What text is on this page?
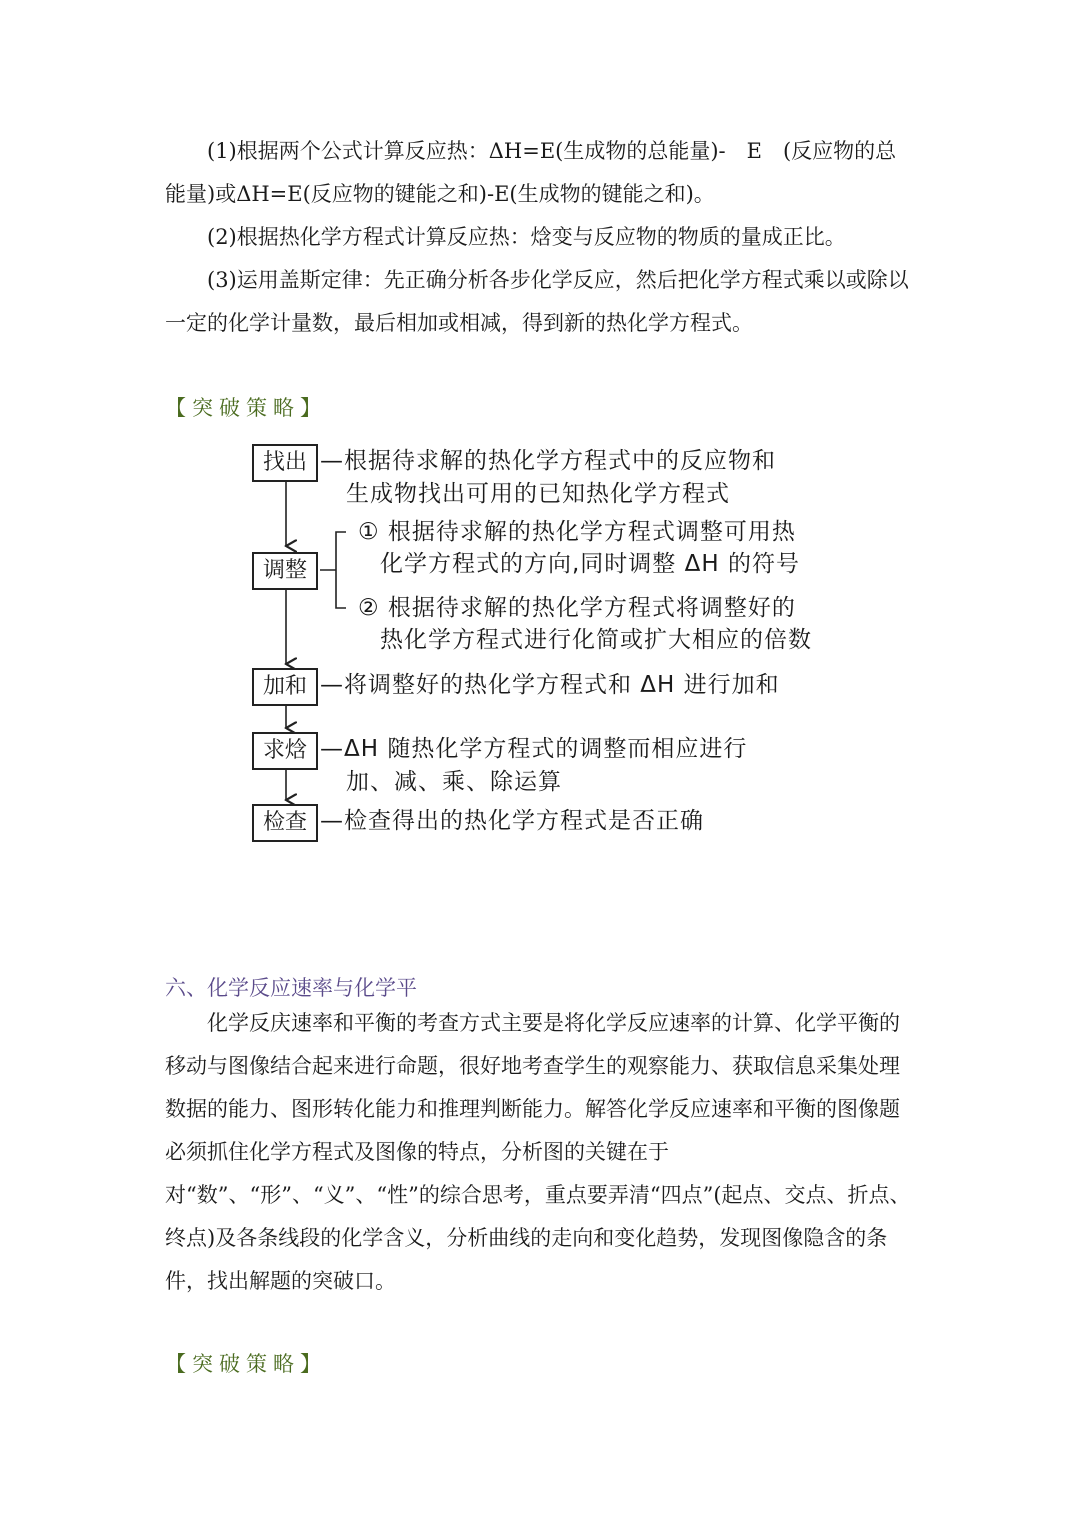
(1)根据两个公式计算反应热：ΔH=E(生成物的总能量)-　E　(反应物的总能量)或ΔH=E(反应物的键能之和)-E(生成物的键能之和)。

(2)根据热化学方程式计算反应热：焓变与反应物的物质的量成正比。

(3)运用盖斯定律：先正确分析各步化学反应，然后把化学方程式乘以或除以一定的化学计量数，最后相加或相减，得到新的热化学方程式。

【突破策略】
找出 —根据待求解的热化学方程式中的反应物和
生成物找出可用的已知热化学方程式
调整
① 根据待求解的热化学方程式调整可用热
化学方程式的方向,同时调整 ΔH 的符号
② 根据待求解的热化学方程式将调整好的
热化学方程式进行化简或扩大相应的倍数
加和 —将调整好的热化学方程式和 ΔH 进行加和
求焓 —ΔH 随热化学方程式的调整而相应进行
加、减、乘、除运算
检查 —检查得出的热化学方程式是否正确
六、化学反应速率与化学平

化学反庆速率和平衡的考查方式主要是将化学反应速率的计算、化学平衡的移动与图像结合起来进行命题，很好地考查学生的观察能力、获取信息采集处理数据的能力、图形转化能力和推理判断能力。解答化学反应速率和平衡的图像题必须抓住化学方程式及图像的特点，分析图的关键在于对“数”、“形”、“义”、“性”的综合思考，重点要弄清“四点”(起点、交点、折点、终点)及各条线段的化学含义，分析曲线的走向和变化趋势，发现图像隐含的条件，找出解题的突破口。

【突破策略】
